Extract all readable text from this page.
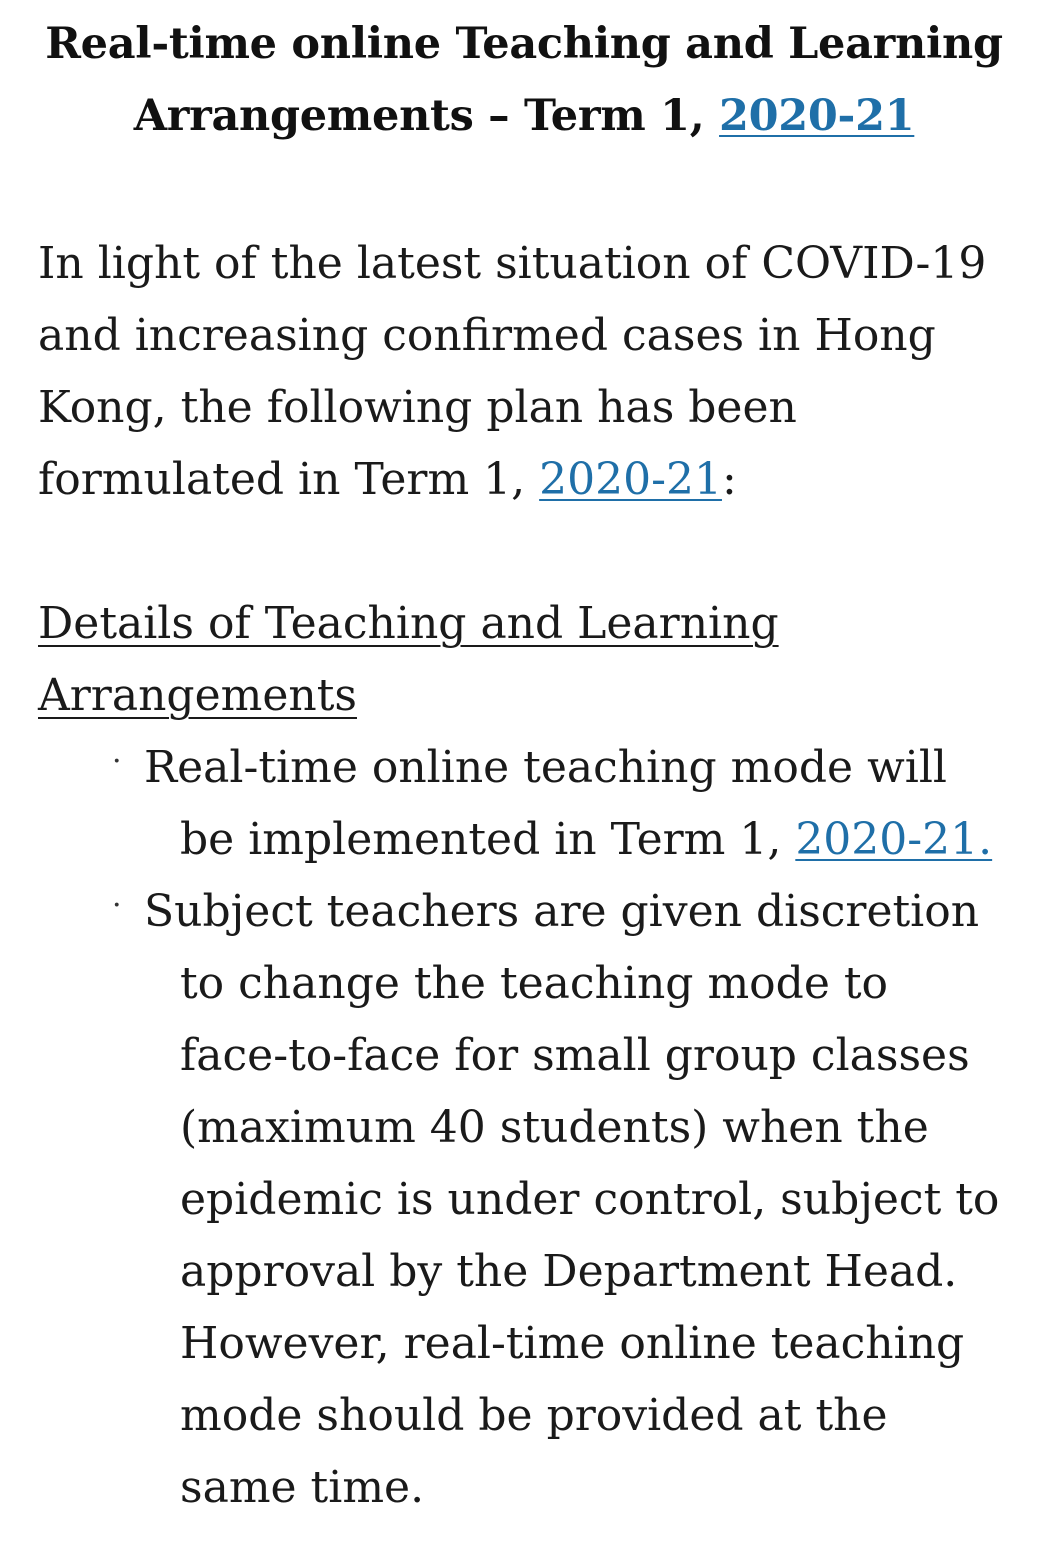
Real-time online Teaching and Learning
Arrangements – Term 1, 2020-21

In light of the latest situation of COVID-19 and increasing confirmed cases in Hong Kong, the following plan has been formulated in Term 1, 2020-21:

Details of Teaching and Learning Arrangements

· Real-time online teaching mode will be implemented in Term 1, 2020-21.
· Subject teachers are given discretion to change the teaching mode to face-to-face for small group classes (maximum 40 students) when the epidemic is under control, subject to approval by the Department Head. However, real-time online teaching mode should be provided at the same time.
